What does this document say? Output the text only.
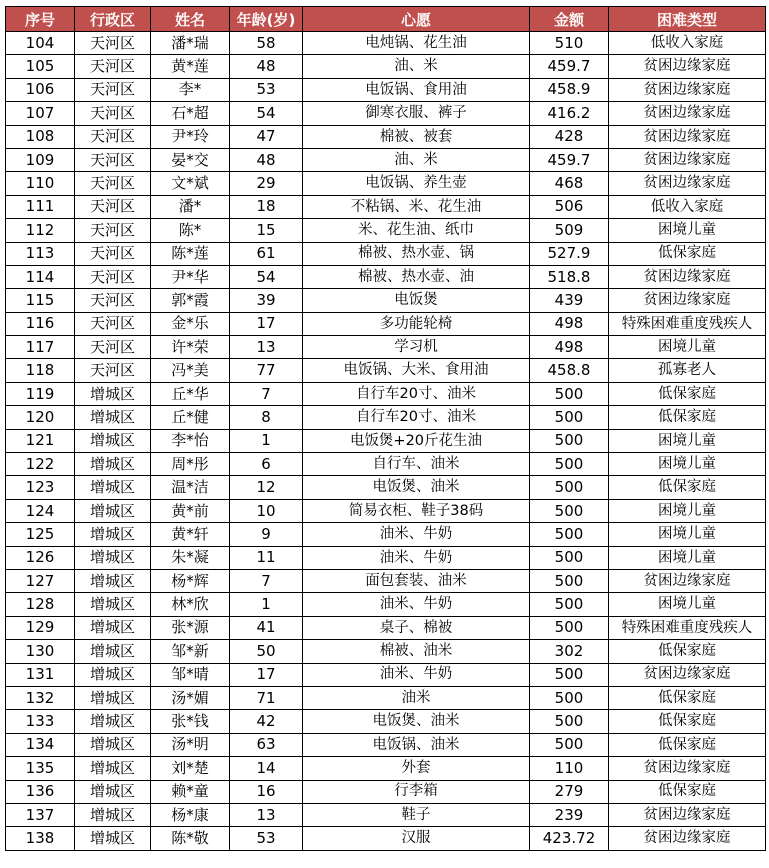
序号	行政区	姓名	年龄(岁)	心愿	金额	困难类型
104	天河区	潘*瑞	58	电炖锅、花生油	510	低收入家庭
105	天河区	黄*莲	48	油、米	459.7	贫困边缘家庭
106	天河区	李*	53	电饭锅、食用油	458.9	贫困边缘家庭
107	天河区	石*超	54	御寒衣服、裤子	416.2	贫困边缘家庭
108	天河区	尹*玲	47	棉被、被套	428	贫困边缘家庭
109	天河区	晏*交	48	油、米	459.7	贫困边缘家庭
110	天河区	文*斌	29	电饭锅、养生壶	468	贫困边缘家庭
111	天河区	潘*	18	不粘锅、米、花生油	506	低收入家庭
112	天河区	陈*	15	米、花生油、纸巾	509	困境儿童
113	天河区	陈*莲	61	棉被、热水壶、锅	527.9	低保家庭
114	天河区	尹*华	54	棉被、热水壶、油	518.8	贫困边缘家庭
115	天河区	郭*霞	39	电饭煲	439	贫困边缘家庭
116	天河区	金*乐	17	多功能轮椅	498	特殊困难重度残疾人
117	天河区	许*荣	13	学习机	498	困境儿童
118	天河区	冯*美	77	电饭锅、大米、食用油	458.8	孤寡老人
119	增城区	丘*华	7	自行车20寸、油米	500	低保家庭
120	增城区	丘*健	8	自行车20寸、油米	500	低保家庭
121	增城区	李*怡	1	电饭煲+20斤花生油	500	困境儿童
122	增城区	周*彤	6	自行车、油米	500	困境儿童
123	增城区	温*洁	12	电饭煲、油米	500	低保家庭
124	增城区	黄*前	10	简易衣柜、鞋子38码	500	困境儿童
125	增城区	黄*轩	9	油米、牛奶	500	困境儿童
126	增城区	朱*凝	11	油米、牛奶	500	困境儿童
127	增城区	杨*辉	7	面包套装、油米	500	贫困边缘家庭
128	增城区	林*欣	1	油米、牛奶	500	困境儿童
129	增城区	张*源	41	桌子、棉被	500	特殊困难重度残疾人
130	增城区	邹*新	50	棉被、油米	302	低保家庭
131	增城区	邹*晴	17	油米、牛奶	500	贫困边缘家庭
132	增城区	汤*媚	71	油米	500	低保家庭
133	增城区	张*钱	42	电饭煲、油米	500	低保家庭
134	增城区	汤*明	63	电饭锅、油米	500	低保家庭
135	增城区	刘*楚	14	外套	110	贫困边缘家庭
136	增城区	赖*童	16	行李箱	279	低保家庭
137	增城区	杨*康	13	鞋子	239	贫困边缘家庭
138	增城区	陈*敬	53	汉服	423.72	贫困边缘家庭
